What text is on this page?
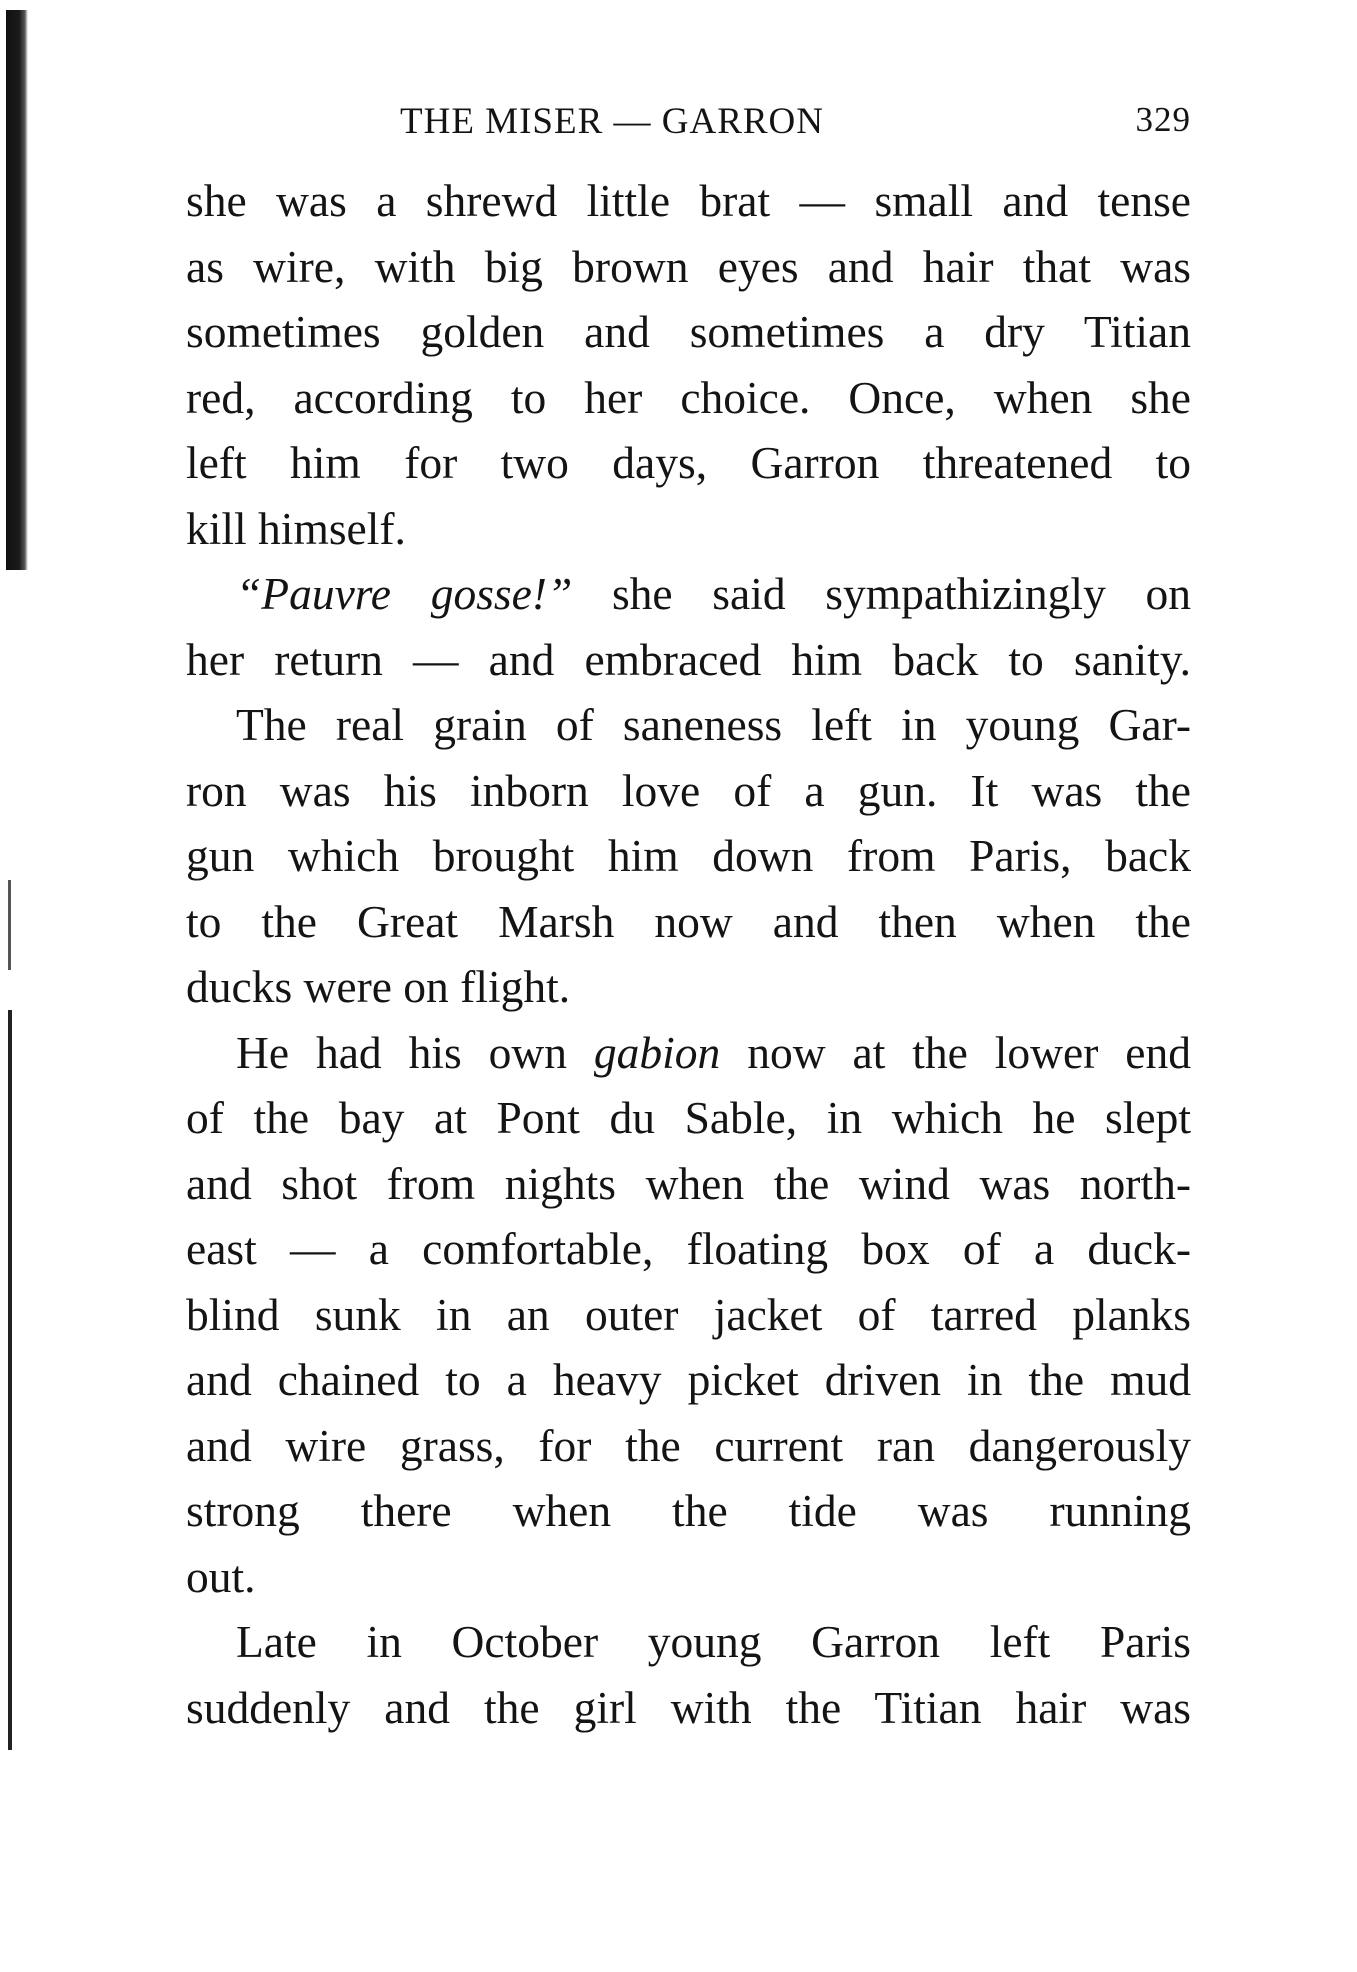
THE MISER — GARRON	329
she was a shrewd little brat — small and tense
as wire, with big brown eyes and hair that was
sometimes golden and sometimes a dry Titian
red, according to her choice. Once, when she
left him for two days, Garron threatened to
kill himself.
“Pauvre gosse!” she said sympathizingly on
her return — and embraced him back to sanity.
The real grain of saneness left in young Gar-
ron was his inborn love of a gun. It was the
gun which brought him down from Paris, back
to the Great Marsh now and then when the
ducks were on flight.
He had his own gabion now at the lower end
of the bay at Pont du Sable, in which he slept
and shot from nights when the wind was north-
east — a comfortable, floating box of a duck-
blind sunk in an outer jacket of tarred planks
and chained to a heavy picket driven in the mud
and wire grass, for the current ran dangerously
strong there when the tide was running
out.
Late in October young Garron left Paris
suddenly and the girl with the Titian hair was
